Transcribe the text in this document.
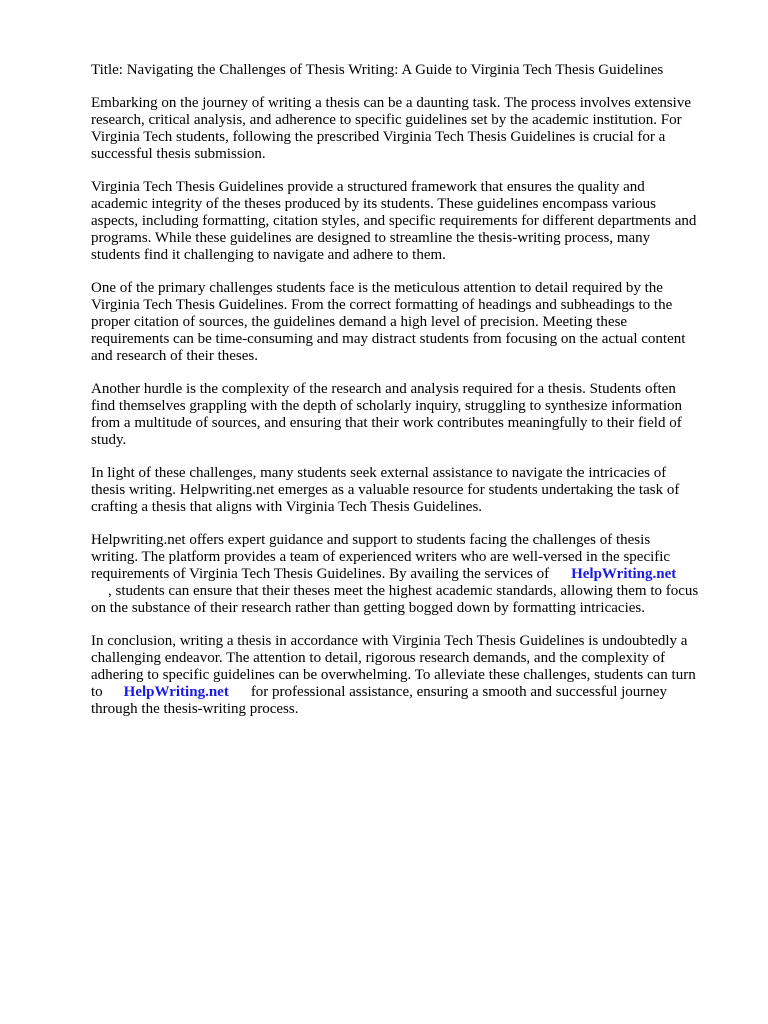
Title: Navigating the Challenges of Thesis Writing: A Guide to Virginia Tech Thesis Guidelines
Embarking on the journey of writing a thesis can be a daunting task. The process involves extensive
research, critical analysis, and adherence to specific guidelines set by the academic institution. For
Virginia Tech students, following the prescribed Virginia Tech Thesis Guidelines is crucial for a
successful thesis submission.
Virginia Tech Thesis Guidelines provide a structured framework that ensures the quality and
academic integrity of the theses produced by its students. These guidelines encompass various
aspects, including formatting, citation styles, and specific requirements for different departments and
programs. While these guidelines are designed to streamline the thesis-writing process, many
students find it challenging to navigate and adhere to them.
One of the primary challenges students face is the meticulous attention to detail required by the
Virginia Tech Thesis Guidelines. From the correct formatting of headings and subheadings to the
proper citation of sources, the guidelines demand a high level of precision. Meeting these
requirements can be time-consuming and may distract students from focusing on the actual content
and research of their theses.
Another hurdle is the complexity of the research and analysis required for a thesis. Students often
find themselves grappling with the depth of scholarly inquiry, struggling to synthesize information
from a multitude of sources, and ensuring that their work contributes meaningfully to their field of
study.
In light of these challenges, many students seek external assistance to navigate the intricacies of
thesis writing. Helpwriting.net emerges as a valuable resource for students undertaking the task of
crafting a thesis that aligns with Virginia Tech Thesis Guidelines.
Helpwriting.net offers expert guidance and support to students facing the challenges of thesis
writing. The platform provides a team of experienced writers who are well-versed in the specific
requirements of Virginia Tech Thesis Guidelines. By availing the services of HelpWriting.net
, students can ensure that their theses meet the highest academic standards, allowing them to focus
on the substance of their research rather than getting bogged down by formatting intricacies.
In conclusion, writing a thesis in accordance with Virginia Tech Thesis Guidelines is undoubtedly a
challenging endeavor. The attention to detail, rigorous research demands, and the complexity of
adhering to specific guidelines can be overwhelming. To alleviate these challenges, students can turn
to HelpWriting.net for professional assistance, ensuring a smooth and successful journey
through the thesis-writing process.
